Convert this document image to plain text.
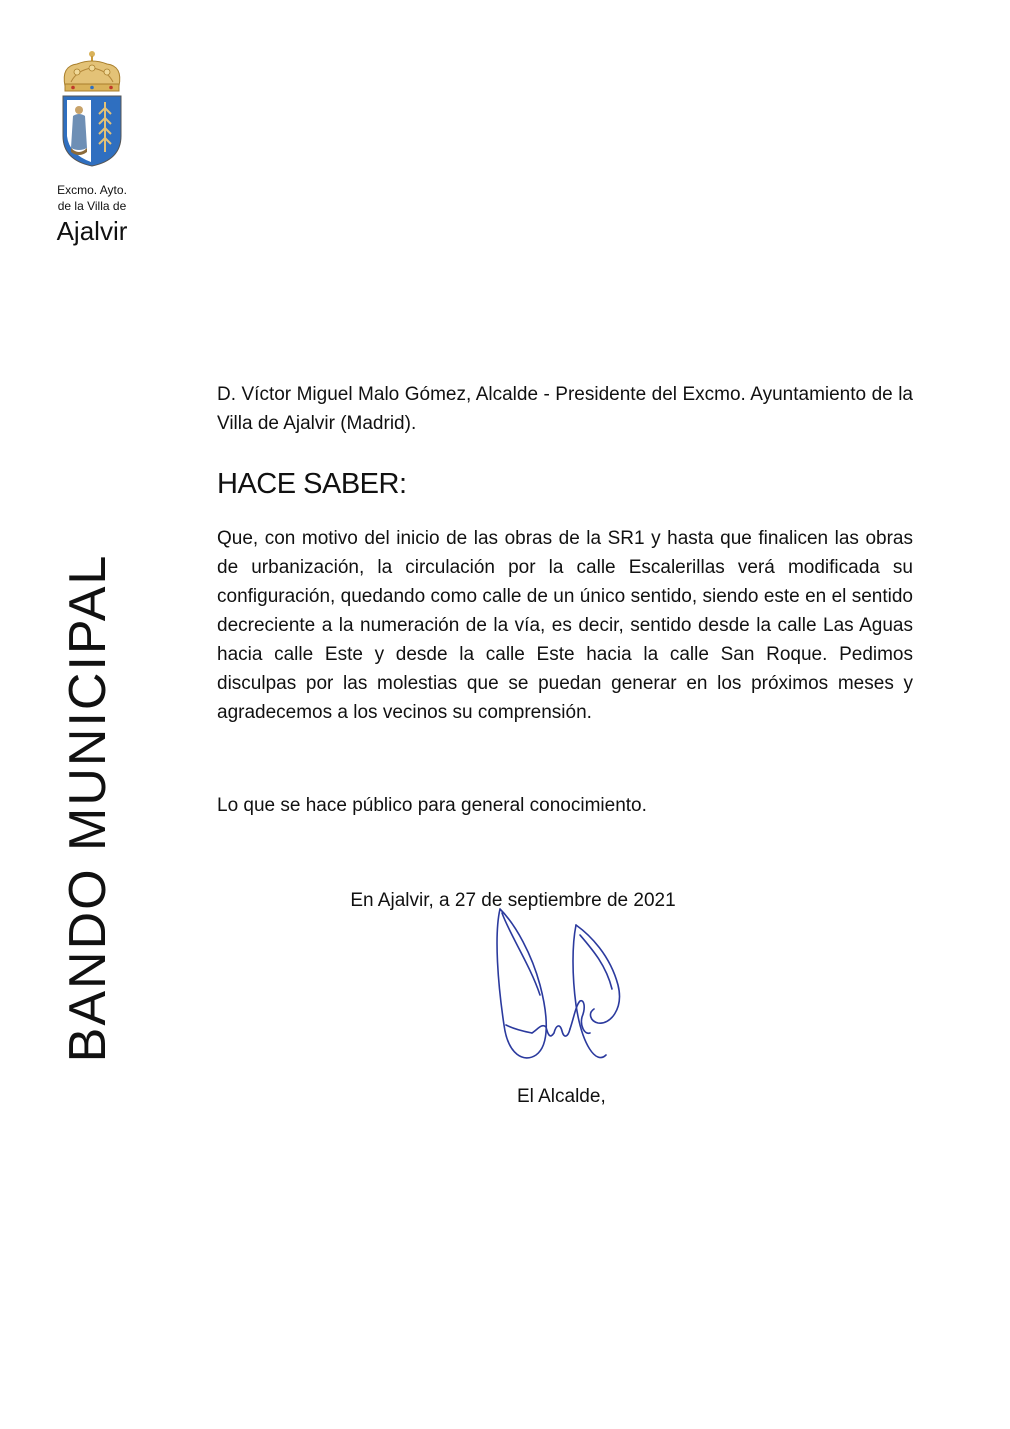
Excmo. Ayto.
de la Villa de
Ajalvir
BANDO MUNICIPAL

D. Víctor Miguel Malo Gómez, Alcalde - Presidente del Excmo. Ayuntamiento de la Villa de Ajalvir (Madrid).

HACE SABER:

Que, con motivo del inicio de las obras de la SR1 y hasta que finalicen las obras de urbanización, la circulación por la calle Escalerillas verá modificada su configuración, quedando como calle de un único sentido, siendo este en el sentido decreciente a la numeración de la vía, es decir, sentido desde la calle Las Aguas hacia calle Este y desde la calle Este hacia la calle San Roque. Pedimos disculpas por las molestias que se puedan generar en los próximos meses y agradecemos a los vecinos su comprensión.

Lo que se hace público para general conocimiento.

En Ajalvir, a 27 de septiembre de 2021
El Alcalde,
